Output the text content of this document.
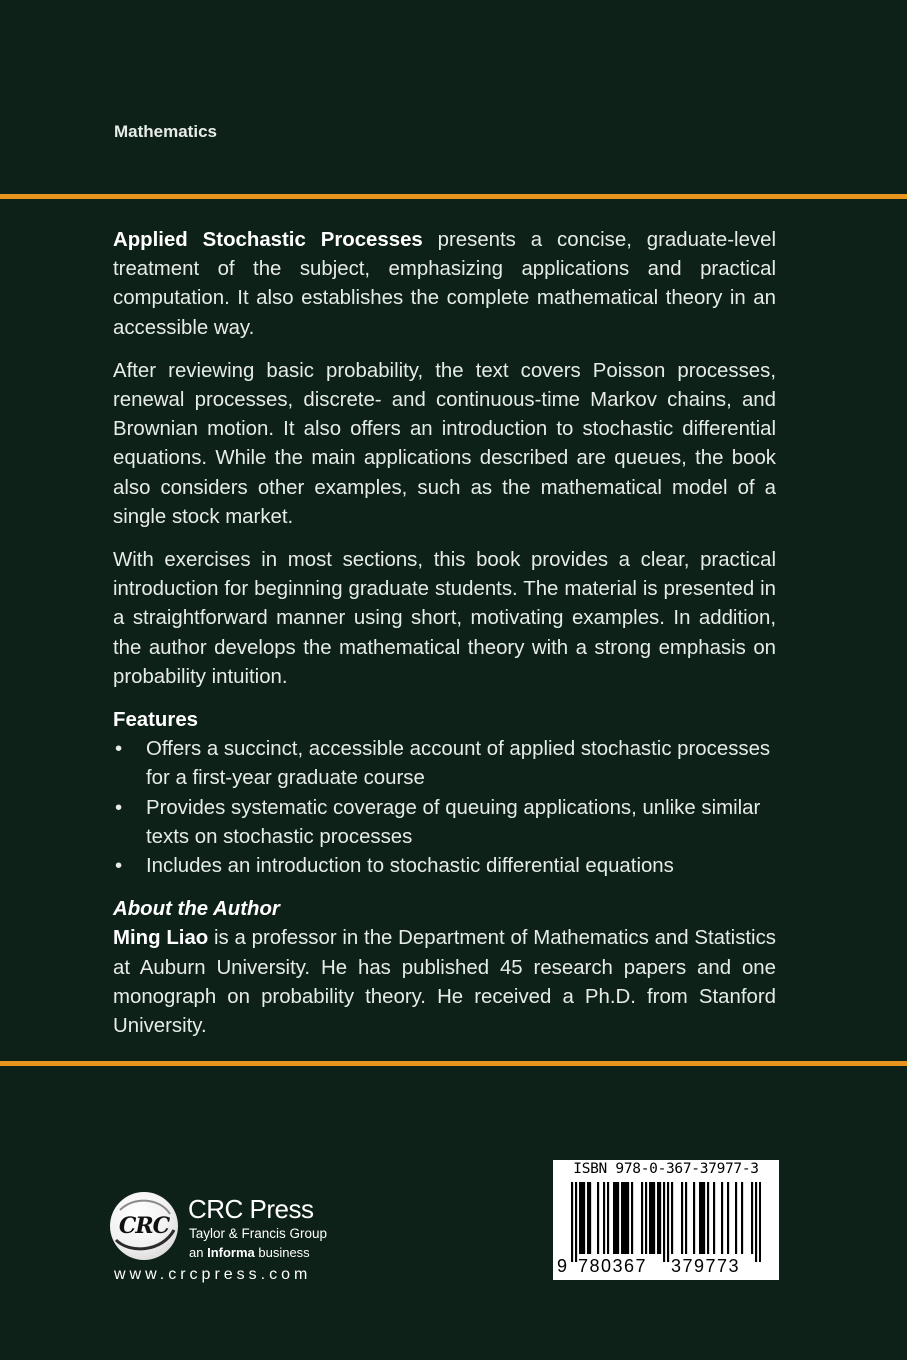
Mathematics

Applied Stochastic Processes presents a concise, graduate-level treatment of the subject, emphasizing applications and practical computation. It also establishes the complete mathematical theory in an accessible way.

After reviewing basic probability, the text covers Poisson processes, renewal processes, discrete- and continuous-time Markov chains, and Brownian motion. It also offers an introduction to stochastic differential equations. While the main applications described are queues, the book also considers other examples, such as the mathematical model of a single stock market.

With exercises in most sections, this book provides a clear, practical introduction for beginning graduate students. The material is presented in a straightforward manner using short, motivating examples. In addition, the author develops the mathematical theory with a strong emphasis on probability intuition.

Features
• Offers a succinct, accessible account of applied stochastic processes for a first-year graduate course
• Provides systematic coverage of queuing applications, unlike similar texts on stochastic processes
• Includes an introduction to stochastic differential equations
About the Author

Ming Liao is a professor in the Department of Mathematics and Statistics at Auburn University. He has published 45 research papers and one monograph on probability theory. He received a Ph.D. from Stanford University.

CRC
CRC Press
Taylor & Francis Group
an Informa business
www.crcpress.com
ISBN 978-0-367-37977-3
9 780367 379773
